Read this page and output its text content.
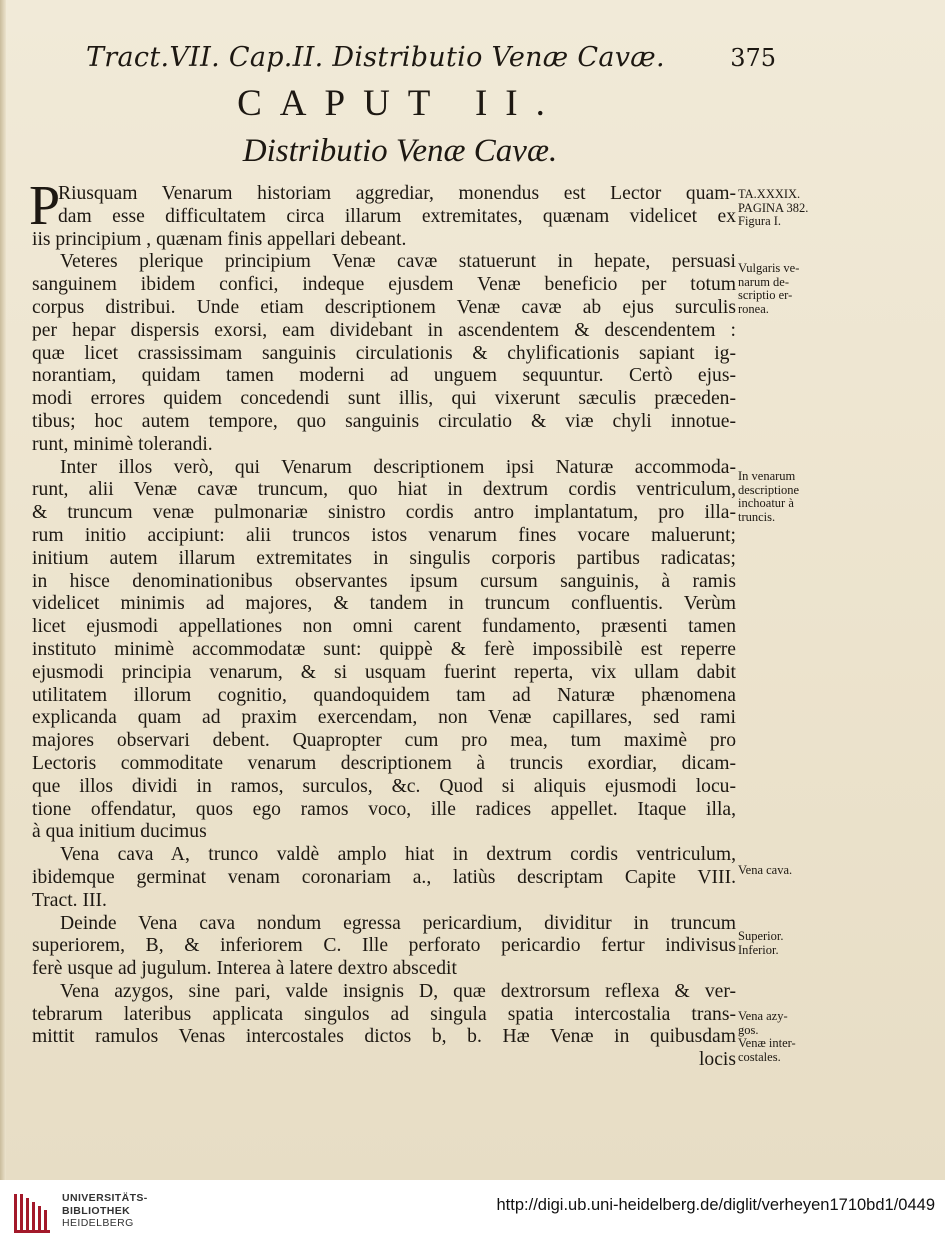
Tract.VII. Cap.II. Distributio Venæ Cavæ.	375
CAPUT II.
Distributio Venæ Cavæ.
P
Riusquam Venarum historiam aggrediar, monendus est Lector quam-
dam esse difficultatem circa illarum extremitates, quænam videlicet ex
iis principium , quænam finis appellari debeant.
Veteres plerique principium Venæ cavæ statuerunt in hepate, persuasi
sanguinem ibidem confici, indeque ejusdem Venæ beneficio per totum
corpus distribui. Unde etiam descriptionem Venæ cavæ ab ejus surculis
per hepar dispersis exorsi, eam dividebant in ascendentem & descendentem :
quæ licet crassissimam sanguinis circulationis & chylificationis sapiant ig-
norantiam, quidam tamen moderni ad unguem sequuntur. Certò ejus-
modi errores quidem concedendi sunt illis, qui vixerunt sæculis præceden-
tibus; hoc autem tempore, quo sanguinis circulatio & viæ chyli innotue-
runt, minimè tolerandi.
Inter illos verò, qui Venarum descriptionem ipsi Naturæ accommoda-
runt, alii Venæ cavæ truncum, quo hiat in dextrum cordis ventriculum,
& truncum venæ pulmonariæ sinistro cordis antro implantatum, pro illa-
rum initio accipiunt: alii truncos istos venarum fines vocare maluerunt;
initium autem illarum extremitates in singulis corporis partibus radicatas;
in hisce denominationibus observantes ipsum cursum sanguinis, à ramis
videlicet minimis ad majores, & tandem in truncum confluentis. Verùm
licet ejusmodi appellationes non omni carent fundamento, præsenti tamen
instituto minimè accommodatæ sunt: quippè & ferè impossibilè est reperre
ejusmodi principia venarum, & si usquam fuerint reperta, vix ullam dabit
utilitatem illorum cognitio, quandoquidem tam ad Naturæ phænomena
explicanda quam ad praxim exercendam, non Venæ capillares, sed rami
majores observari debent. Quapropter cum pro mea, tum maximè pro
Lectoris commoditate venarum descriptionem à truncis exordiar, dicam-
que illos dividi in ramos, surculos, &c. Quod si aliquis ejusmodi locu-
tione offendatur, quos ego ramos voco, ille radices appellet. Itaque illa,
à qua initium ducimus
Vena cava A, trunco valdè amplo hiat in dextrum cordis ventriculum,
ibidemque germinat venam coronariam a., latiùs descriptam Capite VIII.
Tract. III.
Deinde Vena cava nondum egressa pericardium, dividitur in truncum
superiorem, B, & inferiorem C. Ille perforato pericardio fertur indivisus
ferè usque ad jugulum. Interea à latere dextro abscedit
Vena azygos, sine pari, valde insignis D, quæ dextrorsum reflexa & ver-
tebrarum lateribus applicata singulos ad singula spatia intercostalia trans-
mittit ramulos Venas intercostales dictos b, b. Hæ Venæ in quibusdam
locis
TA.XXXIX.
PAGINA 382.
Figura I.
Vulgaris ve-
narum de-
scriptio er-
ronea.
In venarum
descriptione
inchoatur à
truncis.
Vena cava.
Superior.
Inferior.
Vena azy-
gos.
Venæ inter-
costales.
UNIVERSITÄTS-
BIBLIOTHEK
HEIDELBERG
http://digi.ub.uni-heidelberg.de/diglit/verheyen1710bd1/0449
